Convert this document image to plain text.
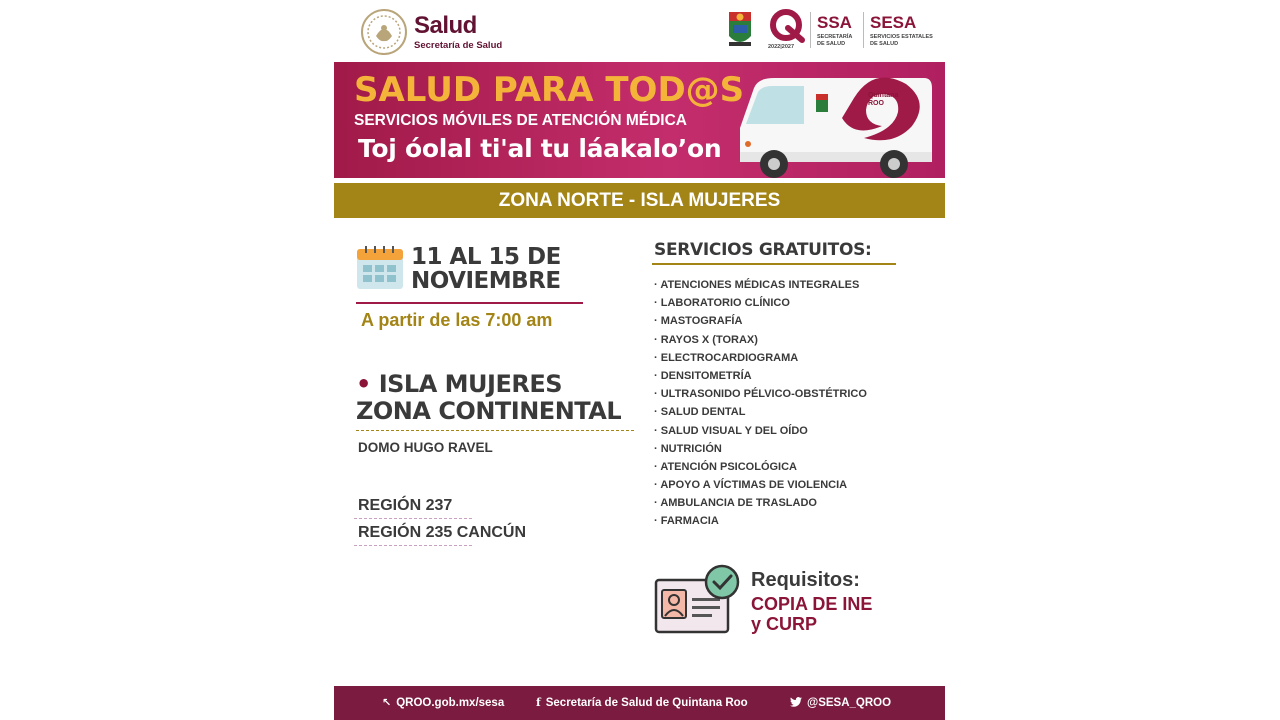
Salud
Secretaría de Salud	2022|2027
SSA
SECRETARÍA
DE SALUD
SESA
SERVICIOS ESTATALES
DE SALUD
SALUD PARA TOD@S
SERVICIOS MÓVILES DE ATENCIÓN MÉDICA
Toj óolal ti'al tu láakalo’on
Quintana
ROO
ZONA NORTE - ISLA MUJERES
11 AL 15 DE
NOVIEMBRE
A partir de las 7:00 am
• ISLA MUJERES
ZONA CONTINENTAL
DOMO HUGO RAVEL
REGIÓN 237
REGIÓN 235 CANCÚN
SERVICIOS GRATUITOS:
· ATENCIONES MÉDICAS INTEGRALES
· LABORATORIO CLÍNICO
· MASTOGRAFÍA
· RAYOS X (TORAX)
· ELECTROCARDIOGRAMA
· DENSITOMETRÍA
· ULTRASONIDO PÉLVICO-OBSTÉTRICO
· SALUD DENTAL
· SALUD VISUAL Y DEL OÍDO
· NUTRICIÓN
· ATENCIÓN PSICOLÓGICA
· APOYO A VÍCTIMAS DE VIOLENCIA
· AMBULANCIA DE TRASLADO
· FARMACIA
Requisitos:
COPIA DE INE
y CURP
↖︎ QROO.gob.mx/sesa	f Secretaría de Salud de Quintana Roo	@SESA_QROO
